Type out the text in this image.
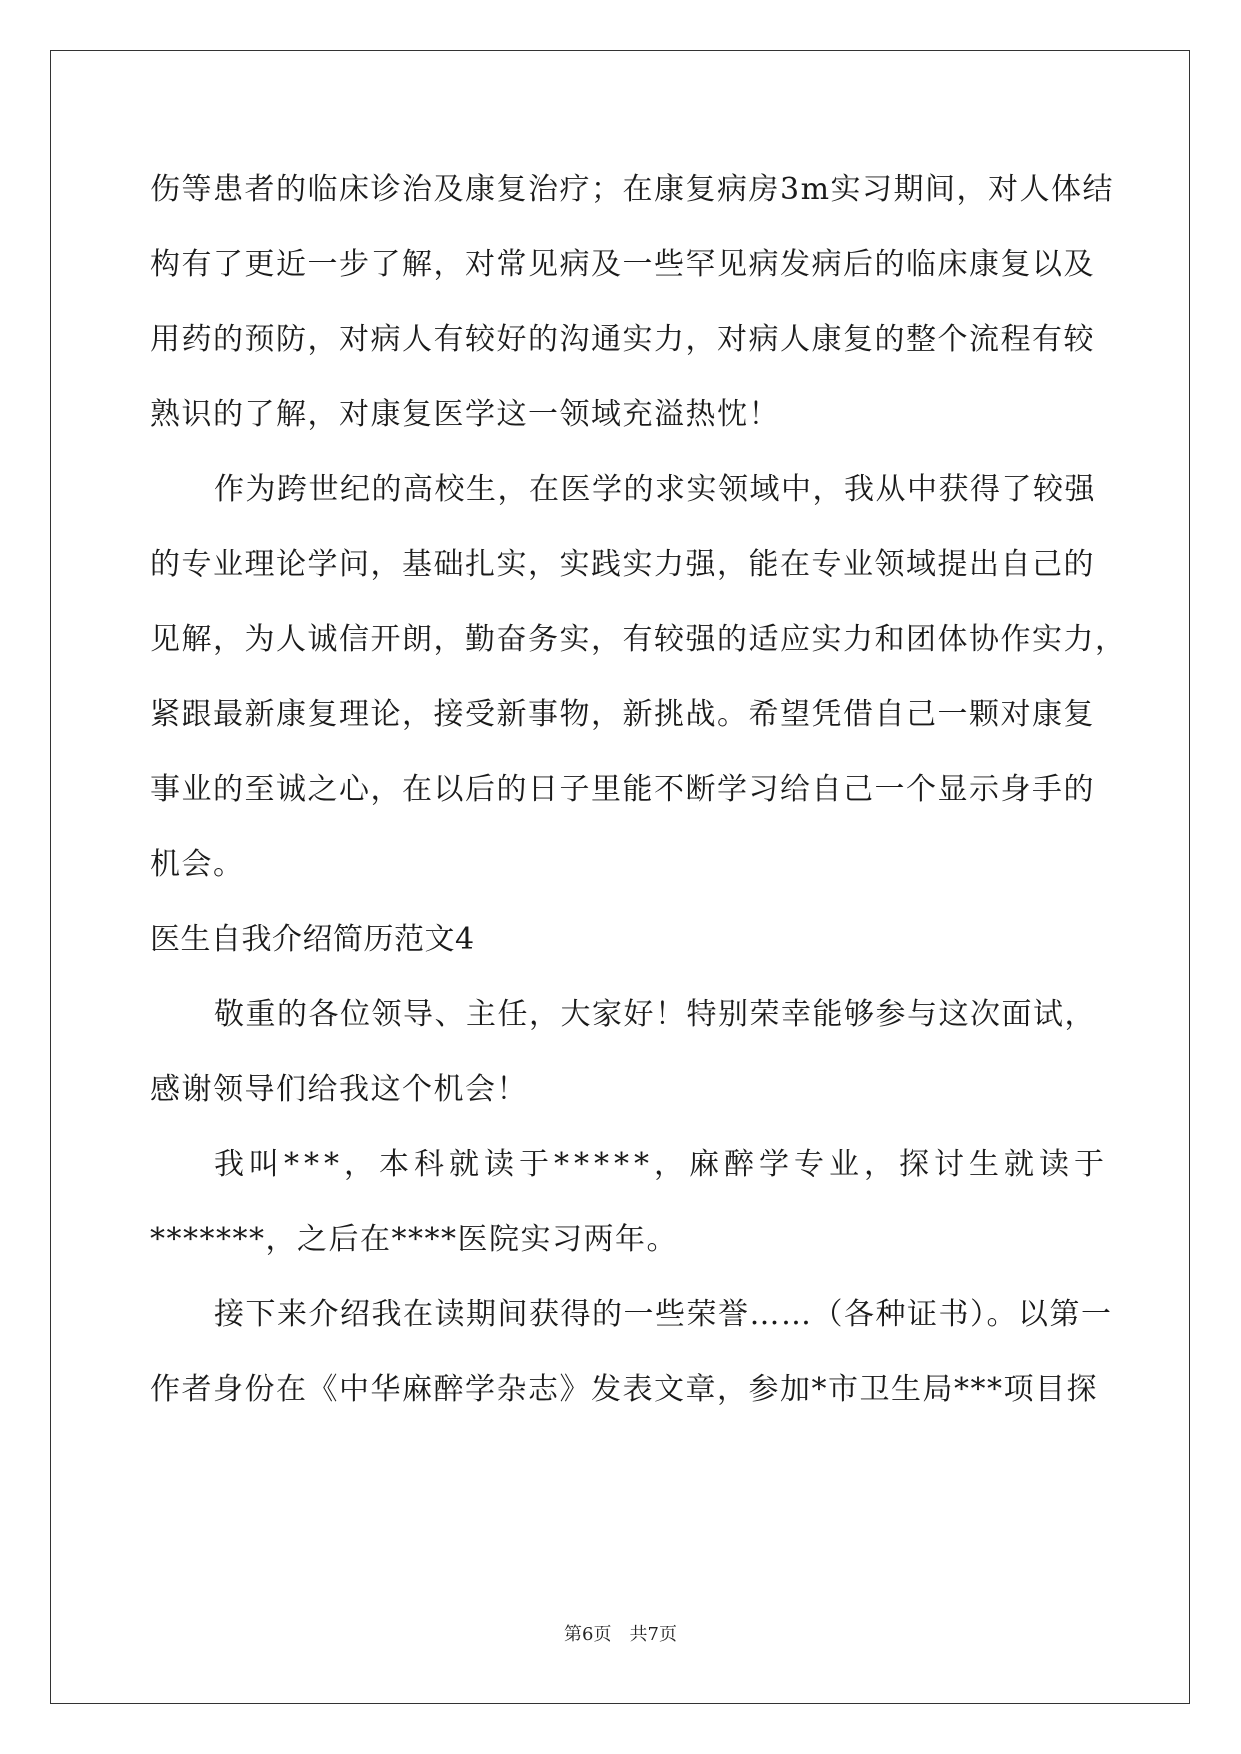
伤等患者的临床诊治及康复治疗；在康复病房3m实习期间，对人体结
构有了更近一步了解，对常见病及一些罕见病发病后的临床康复以及
用药的预防，对病人有较好的沟通实力，对病人康复的整个流程有较
熟识的了解，对康复医学这一领域充溢热忱！
作为跨世纪的高校生，在医学的求实领域中，我从中获得了较强
的专业理论学问，基础扎实，实践实力强，能在专业领域提出自己的
见解，为人诚信开朗，勤奋务实，有较强的适应实力和团体协作实力，
紧跟最新康复理论，接受新事物，新挑战。希望凭借自己一颗对康复
事业的至诚之心，在以后的日子里能不断学习给自己一个显示身手的
机会。
医生自我介绍简历范文4
敬重的各位领导、主任，大家好！特别荣幸能够参与这次面试，
感谢领导们给我这个机会！
我叫***，本科就读于*****，麻醉学专业，探讨生就读于
*******，之后在****医院实习两年。
接下来介绍我在读期间获得的一些荣誉……（各种证书）。以第一
作者身份在《中华麻醉学杂志》发表文章，参加*市卫生局***项目探
第6页　共7页
